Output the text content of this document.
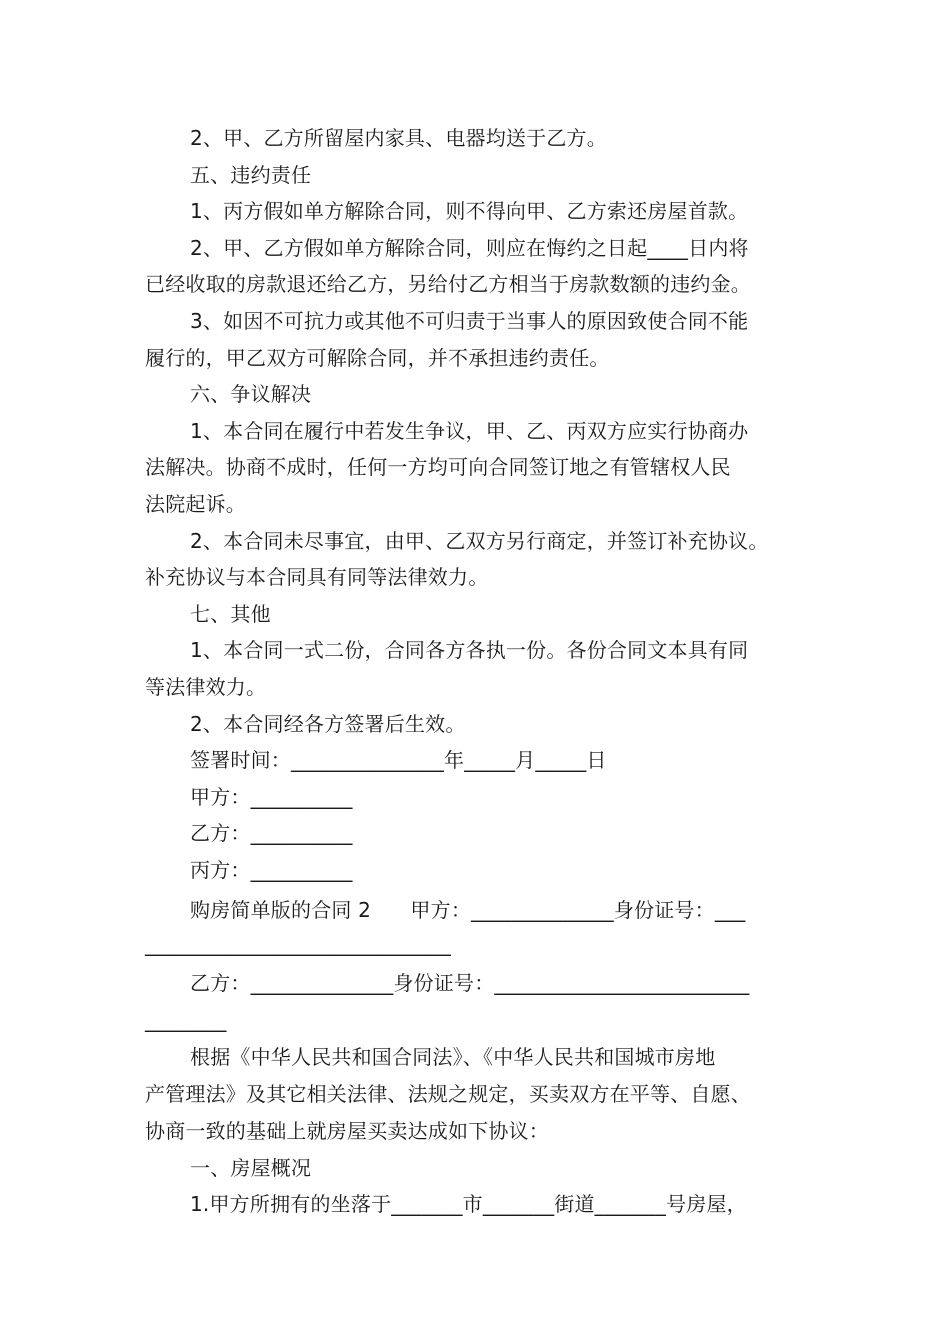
2、甲、乙方所留屋内家具、电器均送于乙方。
五、违约责任
1、丙方假如单方解除合同，则不得向甲、乙方索还房屋首款。
2、甲、乙方假如单方解除合同，则应在悔约之日起____日内将
已经收取的房款退还给乙方，另给付乙方相当于房款数额的违约金。
3、如因不可抗力或其他不可归责于当事人的原因致使合同不能
履行的，甲乙双方可解除合同，并不承担违约责任。
六、争议解决
1、本合同在履行中若发生争议，甲、乙、丙双方应实行协商办
法解决。协商不成时，任何一方均可向合同签订地之有管辖权人民
法院起诉。
2、本合同未尽事宜，由甲、乙双方另行商定，并签订补充协议。
补充协议与本合同具有同等法律效力。
七、其他
1、本合同一式二份，合同各方各执一份。各份合同文本具有同
等法律效力。
2、本合同经各方签署后生效。
签署时间：_______________年_____月_____日
甲方：__________
乙方：__________
丙方：__________
购房简单版的合同 2      甲方：______________身份证号：___
______________________________
乙方：______________身份证号：_________________________
________
根据《中华人民共和国合同法》、《中华人民共和国城市房地
产管理法》及其它相关法律、法规之规定，买卖双方在平等、自愿、
协商一致的基础上就房屋买卖达成如下协议：
一、房屋概况
1.甲方所拥有的坐落于_______市_______街道_______号房屋，
